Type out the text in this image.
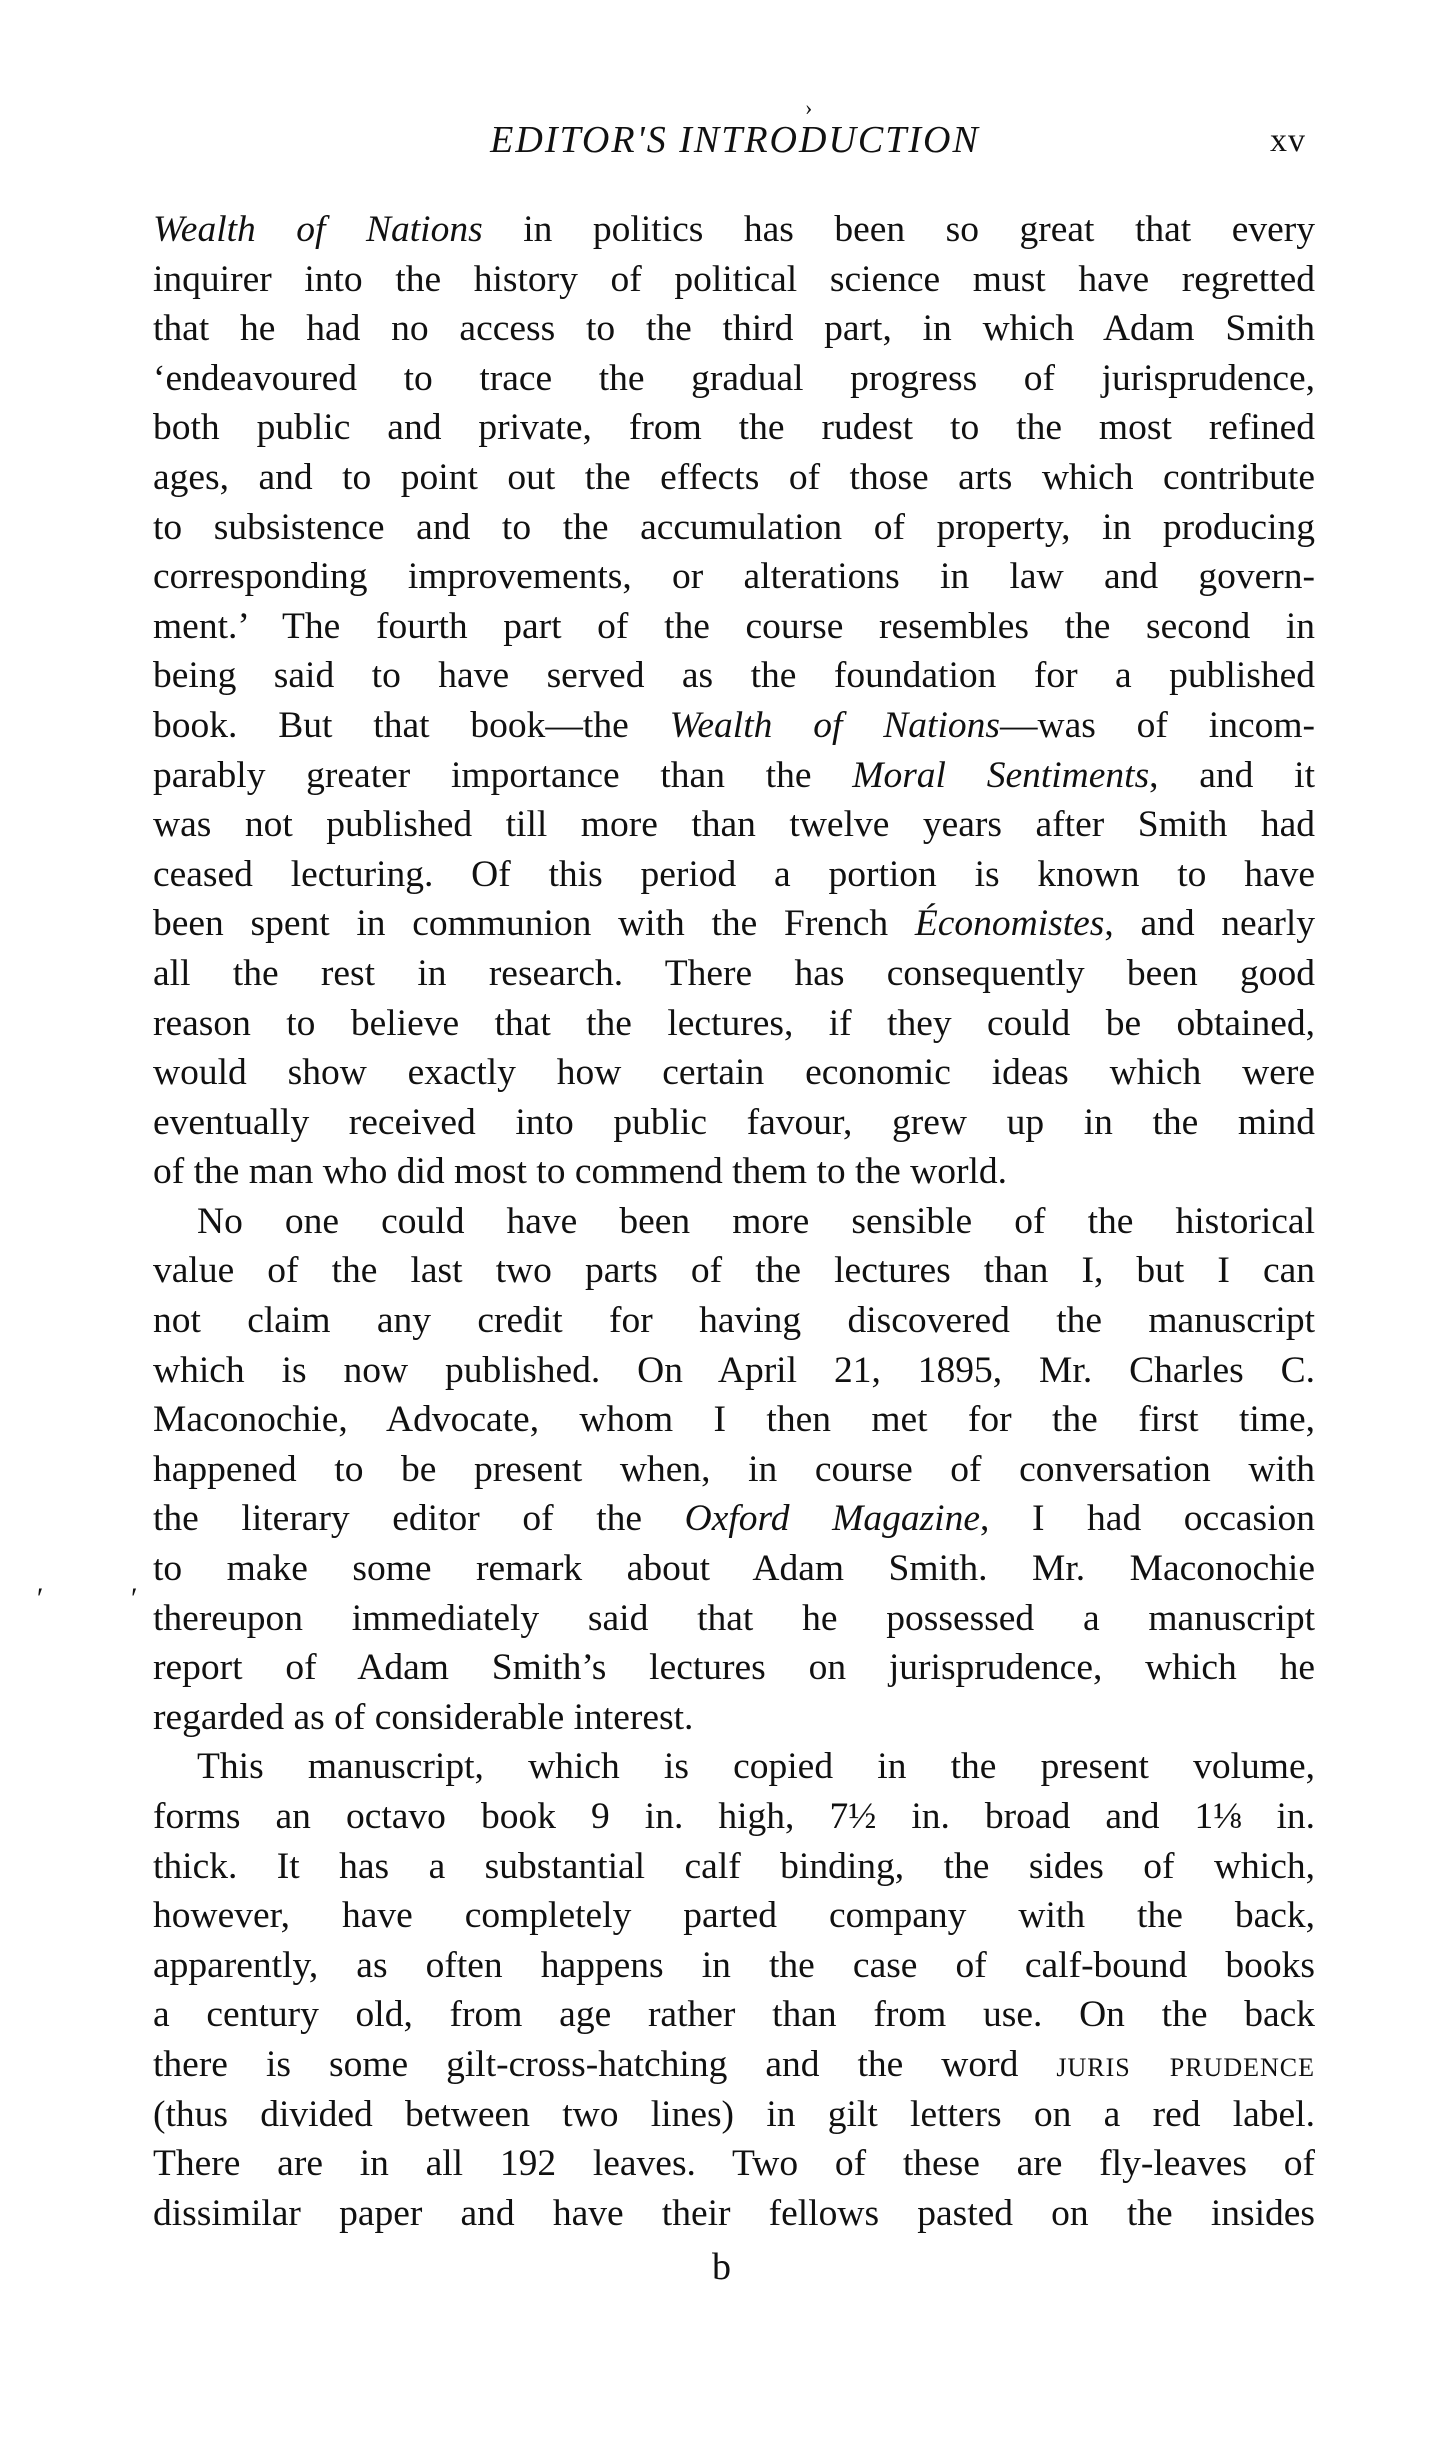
›
EDITOR'S INTRODUCTION	xv
Wealth of Nations in politics has been so great that every
inquirer into the history of political science must have regretted
that he had no access to the third part, in which Adam Smith
‘endeavoured to trace the gradual progress of jurisprudence,
both public and private, from the rudest to the most refined
ages, and to point out the effects of those arts which contribute
to subsistence and to the accumulation of property, in producing
corresponding improvements, or alterations in law and govern-
ment.’ The fourth part of the course resembles the second in
being said to have served as the foundation for a published
book. But that book—the Wealth of Nations—was of incom-
parably greater importance than the Moral Sentiments, and it
was not published till more than twelve years after Smith had
ceased lecturing. Of this period a portion is known to have
been spent in communion with the French Économistes, and nearly
all the rest in research. There has consequently been good
reason to believe that the lectures, if they could be obtained,
would show exactly how certain economic ideas which were
eventually received into public favour, grew up in the mind
of the man who did most to commend them to the world.
No one could have been more sensible of the historical
value of the last two parts of the lectures than I, but I can
not claim any credit for having discovered the manuscript
which is now published. On April 21, 1895, Mr. Charles C.
Maconochie, Advocate, whom I then met for the first time,
happened to be present when, in course of conversation with
the literary editor of the Oxford Magazine, I had occasion
to make some remark about Adam Smith. Mr. Maconochie
thereupon immediately said that he possessed a manuscript
report of Adam Smith’s lectures on jurisprudence, which he
regarded as of considerable interest.
This manuscript, which is copied in the present volume,
forms an octavo book 9 in. high, 7½ in. broad and 1⅛ in.
thick. It has a substantial calf binding, the sides of which,
however, have completely parted company with the back,
apparently, as often happens in the case of calf-bound books
a century old, from age rather than from use. On the back
there is some gilt-cross-hatching and the word juris prudence
(thus divided between two lines) in gilt letters on a red label.
There are in all 192 leaves. Two of these are fly-leaves of
dissimilar paper and have their fellows pasted on the insides
′ ′
b
